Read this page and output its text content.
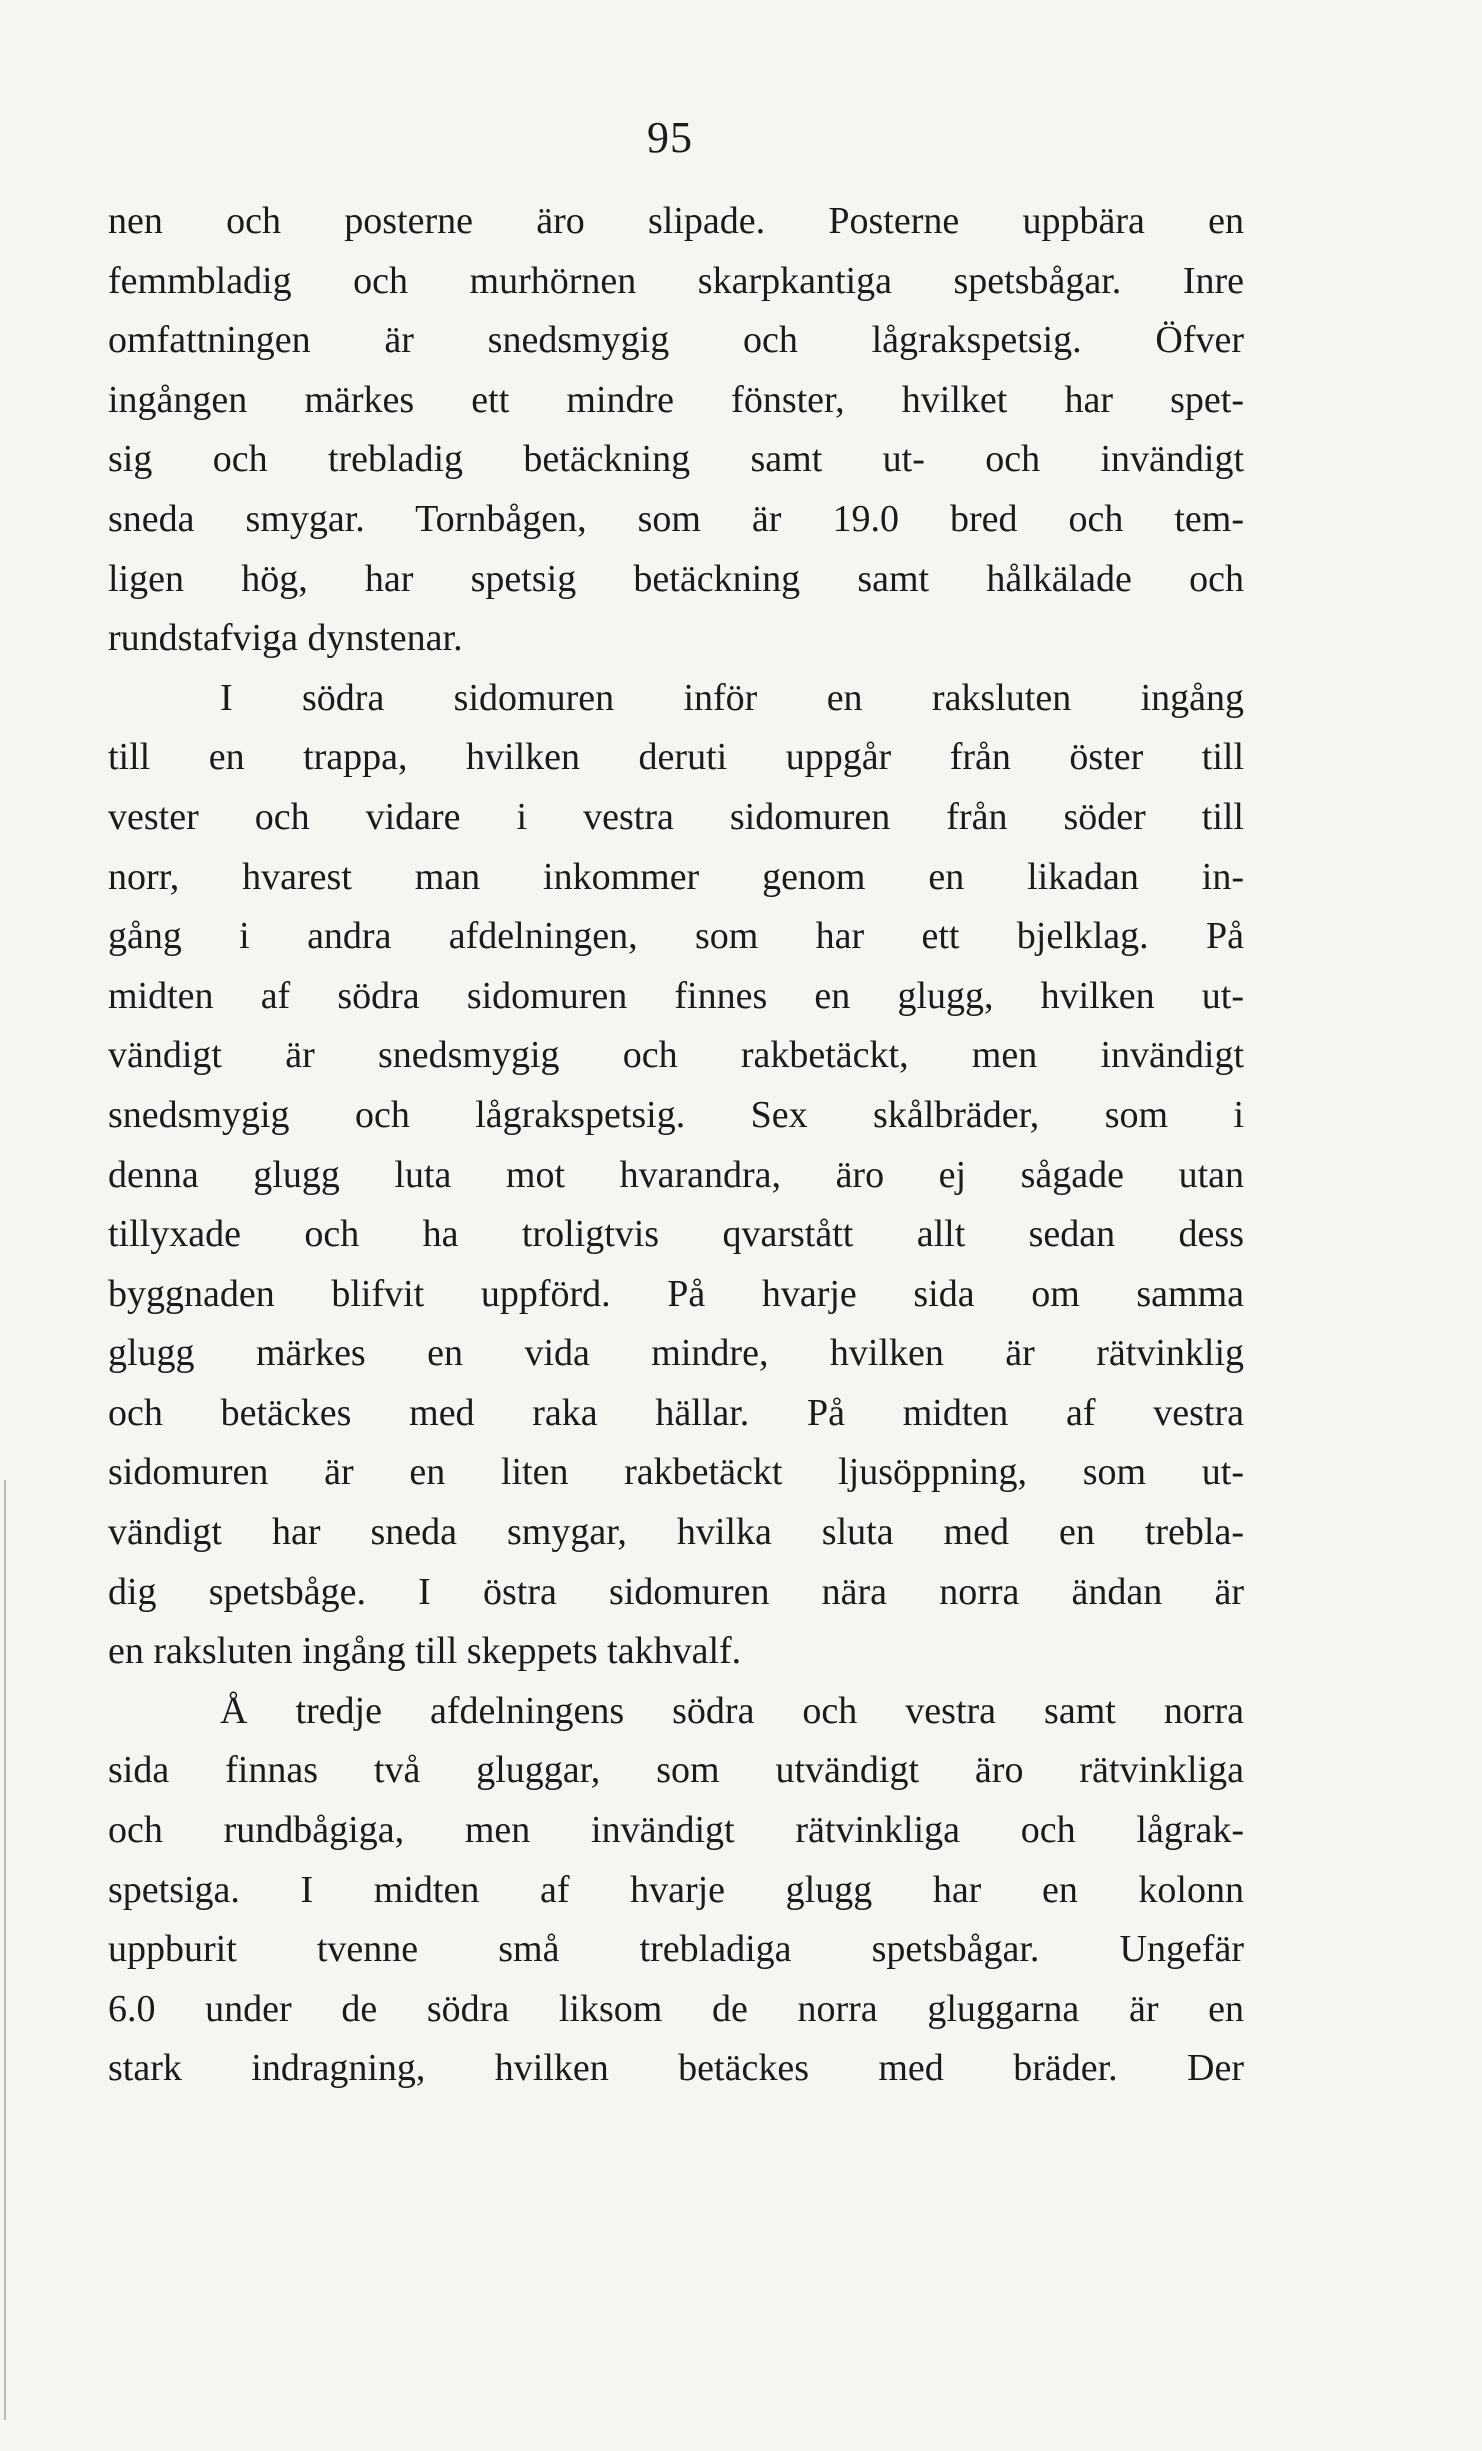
95
nen och posterne äro slipade. Posterne uppbära en
femmbladig och murhörnen skarpkantiga spetsbågar. Inre
omfattningen är snedsmygig och lågrakspetsig. Öfver
ingången märkes ett mindre fönster, hvilket har spet-
sig och trebladig betäckning samt ut- och invändigt
sneda smygar. Tornbågen, som är 19.0 bred och tem-
ligen hög, har spetsig betäckning samt hålkälade och
rundstafviga dynstenar.
I södra sidomuren inför en raksluten ingång
till en trappa, hvilken deruti uppgår från öster till
vester och vidare i vestra sidomuren från söder till
norr, hvarest man inkommer genom en likadan in-
gång i andra afdelningen, som har ett bjelklag. På
midten af södra sidomuren finnes en glugg, hvilken ut-
vändigt är snedsmygig och rakbetäckt, men invändigt
snedsmygig och lågrakspetsig. Sex skålbräder, som i
denna glugg luta mot hvarandra, äro ej sågade utan
tillyxade och ha troligtvis qvarstått allt sedan dess
byggnaden blifvit uppförd. På hvarje sida om samma
glugg märkes en vida mindre, hvilken är rätvinklig
och betäckes med raka hällar. På midten af vestra
sidomuren är en liten rakbetäckt ljusöppning, som ut-
vändigt har sneda smygar, hvilka sluta med en trebla-
dig spetsbåge. I östra sidomuren nära norra ändan är
en raksluten ingång till skeppets takhvalf.
Å tredje afdelningens södra och vestra samt norra
sida finnas två gluggar, som utvändigt äro rätvinkliga
och rundbågiga, men invändigt rätvinkliga och lågrak-
spetsiga. I midten af hvarje glugg har en kolonn
uppburit tvenne små trebladiga spetsbågar. Ungefär
6.0 under de södra liksom de norra gluggarna är en
stark indragning, hvilken betäckes med bräder. Der
